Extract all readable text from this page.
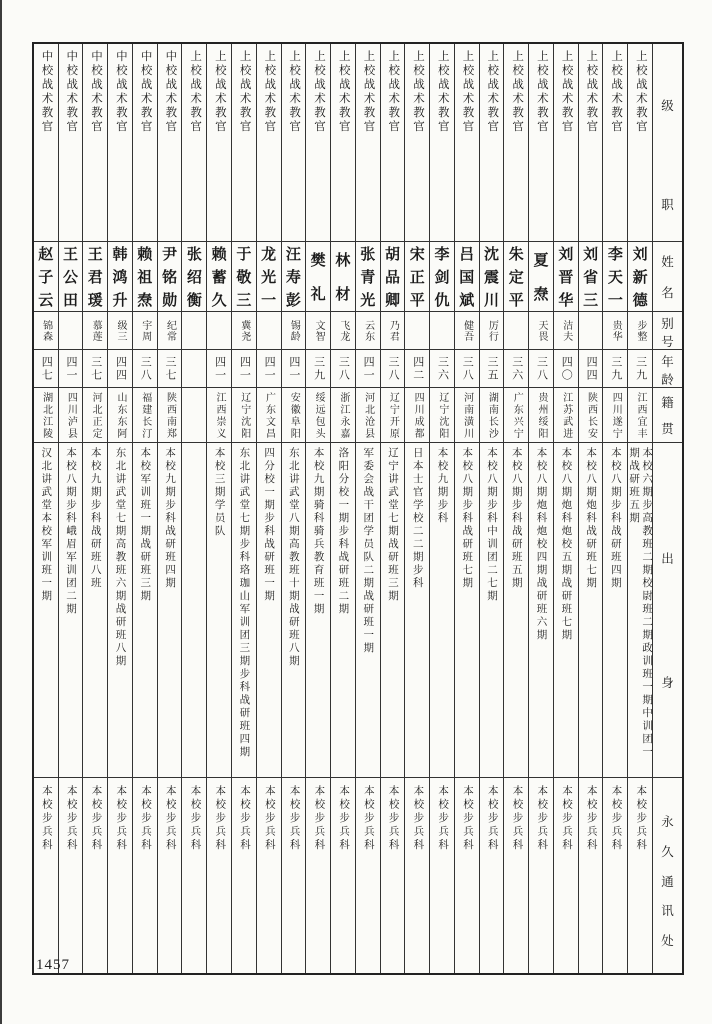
级
职
姓
名
别
号
年
龄
籍
贯
出
身
永
久
通
讯
处
上校战术教官
刘
新
德
步整
三九
江西宜丰
本校六期步高教班二期校尉班二期政训班一期中训团一期战研班五期
本校步兵科
上校战术教官
李
天
一
贵华
三九
四川遂宁
本校八期步科战研班四期
本校步兵科
上校战术教官
刘
省
三
四四
陕西长安
本校八期炮科战研班七期
本校步兵科
上校战术教官
刘
晋
华
洁夫
四〇
江苏武进
本校八期炮科炮校五期战研班七期
本校步兵科
上校战术教官
夏
焘
天畏
三八
贵州绥阳
本校八期炮科炮校四期战研班六期
本校步兵科
上校战术教官
朱
定
平
三六
广东兴宁
本校八期步科战研班五期
本校步兵科
上校战术教官
沈
震
川
厉行
三五
湖南长沙
本校八期步科中训团二七期
本校步兵科
上校战术教官
吕
国
斌
健吾
三八
河南潢川
本校八期步科战研班七期
本校步兵科
上校战术教官
李
剑
仇
三六
辽宁沈阳
本校九期步科
本校步兵科
上校战术教官
宋
正
平
四二
四川成都
日本士官学校二二期步科
本校步兵科
上校战术教官
胡
品
卿
乃君
三八
辽宁开原
辽宁讲武堂七期战研班三期
本校步兵科
上校战术教官
张
青
光
云东
四一
河北沧县
军委会战干团学员队二期战研班一期
本校步兵科
上校战术教官
林
材
飞龙
三八
浙江永嘉
洛阳分校一期步科战研班二期
本校步兵科
上校战术教官
樊
礼
文智
三九
绥远包头
本校九期骑科骑兵教育班一期
本校步兵科
上校战术教官
汪
寿
彭
锡龄
四一
安徽阜阳
东北讲武堂八期高教班十期战研班八期
本校步兵科
上校战术教官
龙
光
一
四一
广东文昌
四分校一期步科战研班一期
本校步兵科
上校战术教官
于
敬
三
冀尧
四一
辽宁沈阳
东北讲武堂七期步科珞珈山军训团三期步科战研班四期
本校步兵科
上校战术教官
赖
蓄
久
四一
江西崇义
本校三期学员队
本校步兵科
上校战术教官
张
绍
衡
本校步兵科
中校战术教官
尹
铭
勋
纪常
三七
陕西南郑
本校九期步科战研班四期
本校步兵科
中校战术教官
赖
祖
焘
宇周
三八
福建长汀
本校军训班一期战研班三期
本校步兵科
中校战术教官
韩
鸿
升
级三
四四
山东东阿
东北讲武堂七期高教班六期战研班八期
本校步兵科
中校战术教官
王
君
瑗
慕莲
三七
河北正定
本校九期步科战研班八班
本校步兵科
中校战术教官
王
公
田
四一
四川泸县
本校八期步科峨眉军训团二期
本校步兵科
中校战术教官
赵
子
云
锦森
四七
湖北江陵
汉北讲武堂本校军训班一期
本校步兵科
1457
